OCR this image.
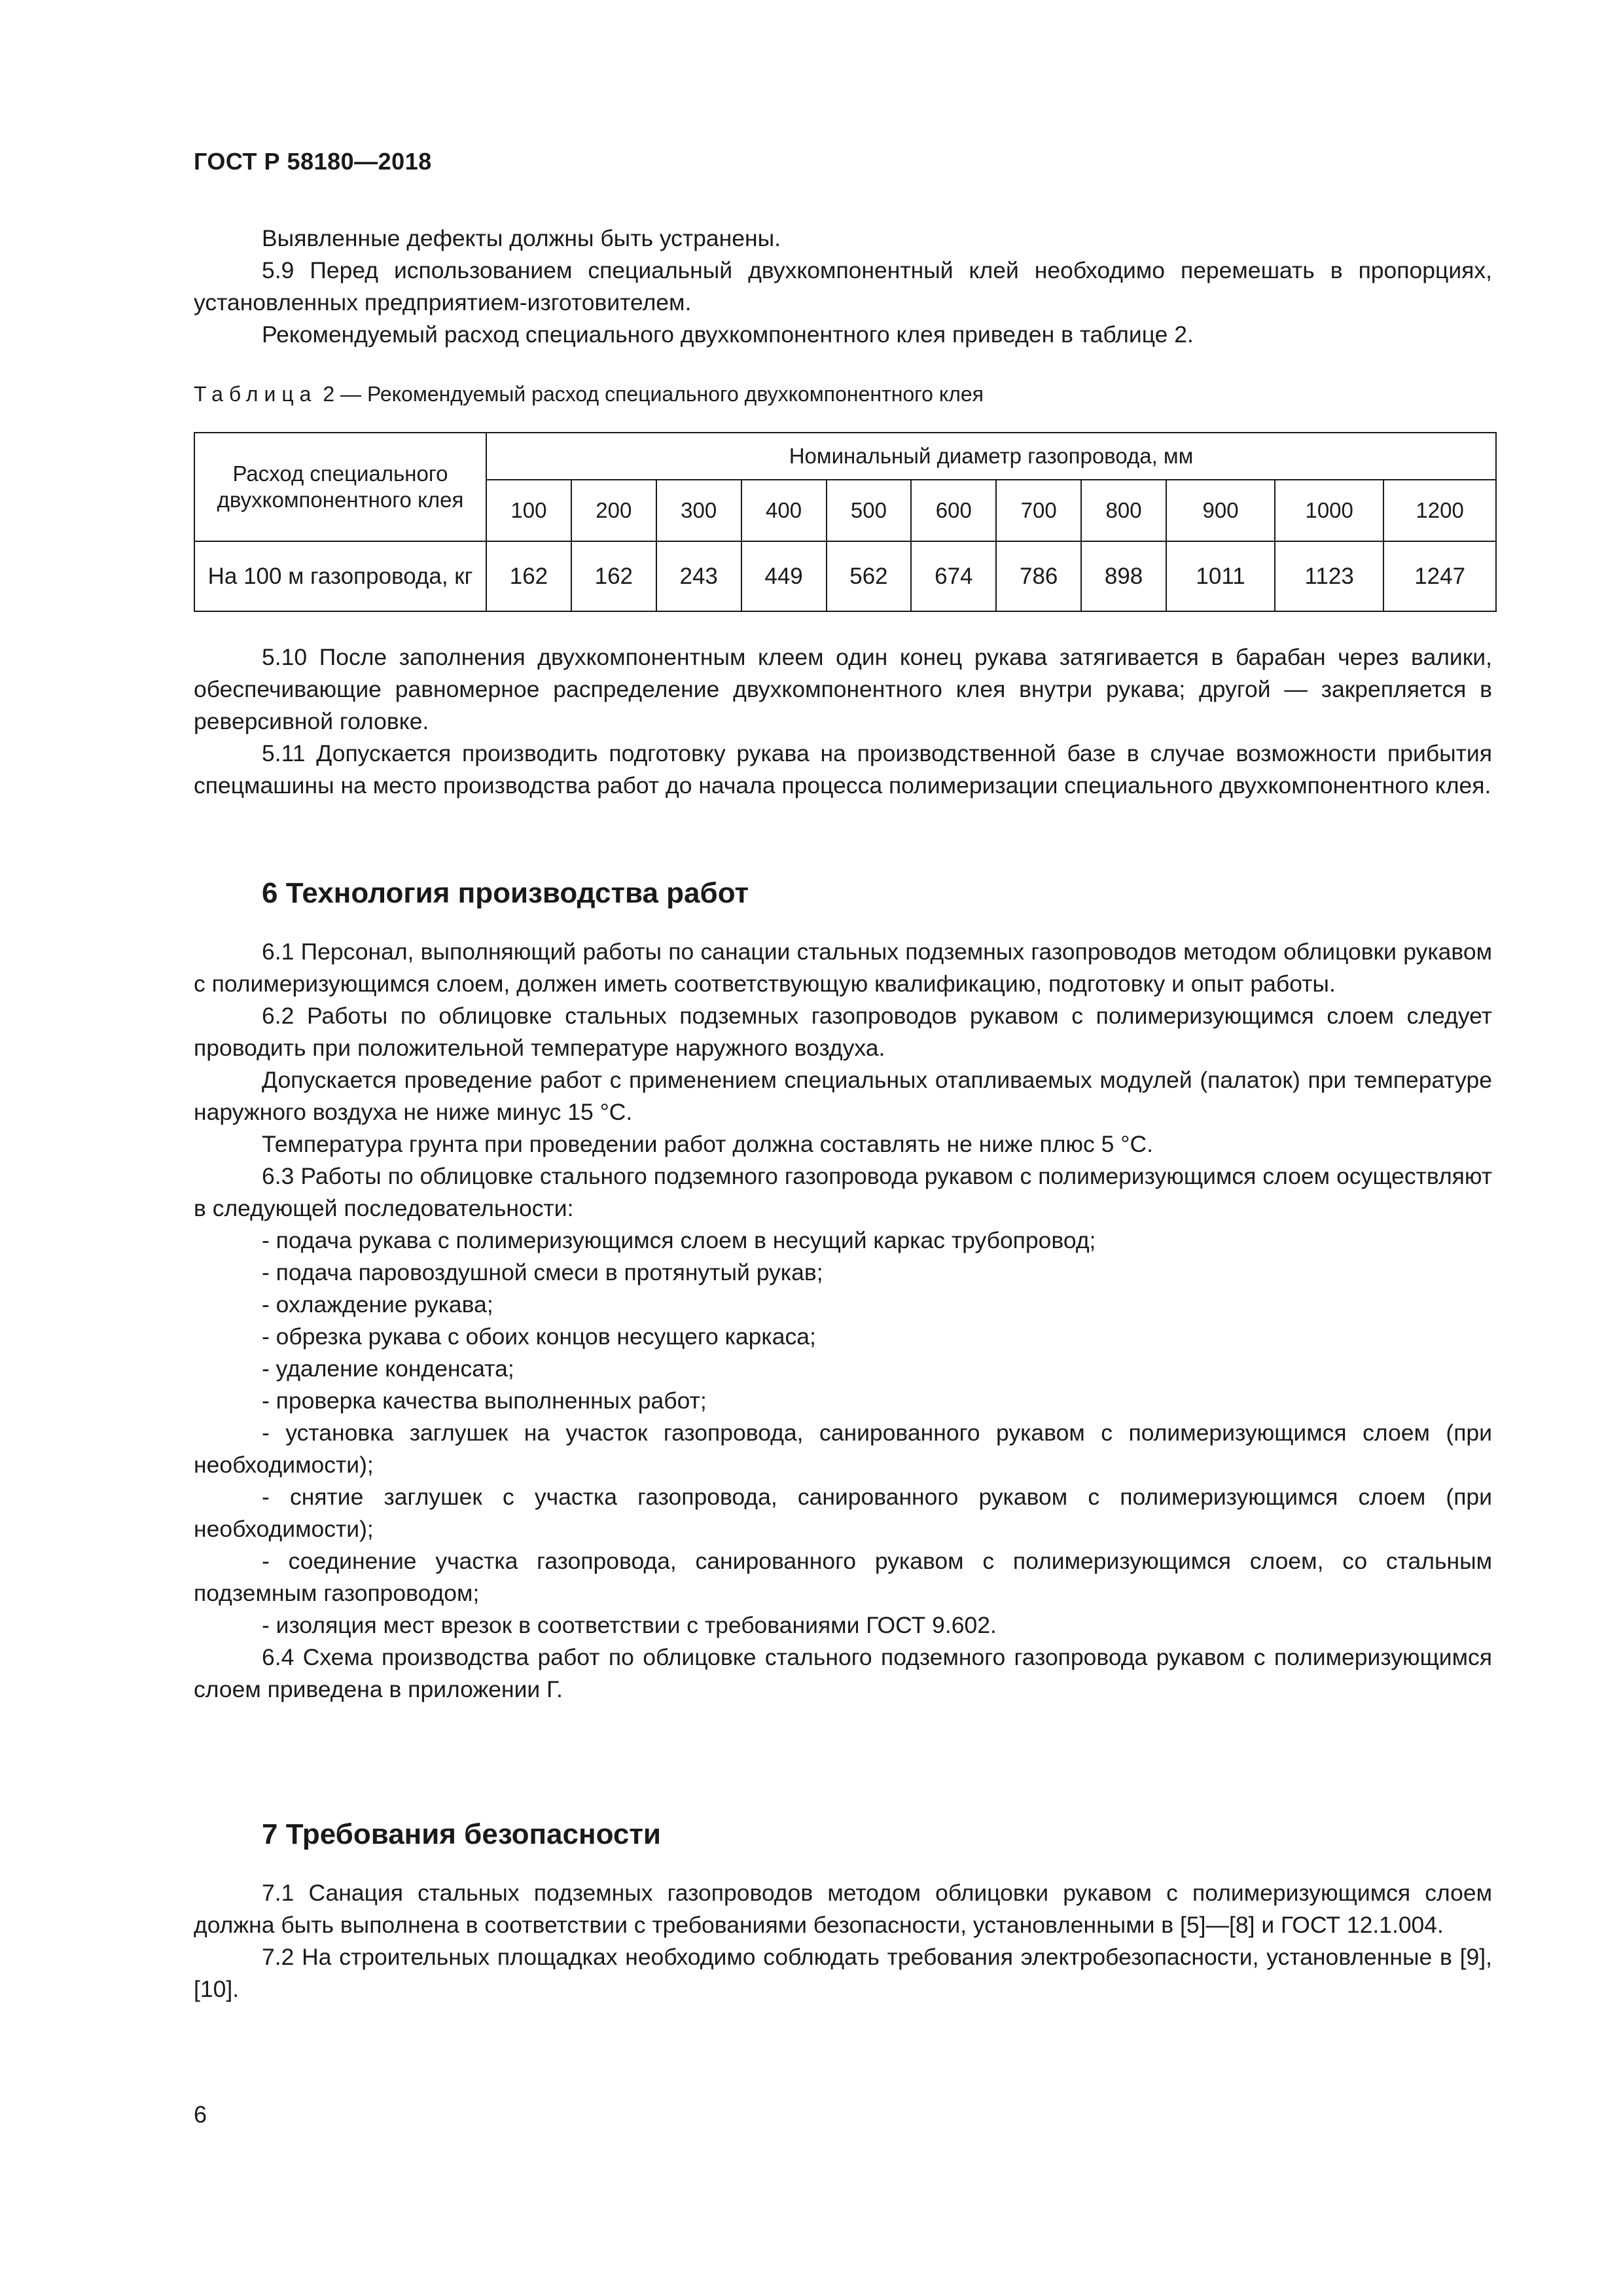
ГОСТ Р 58180—2018

Выявленные дефекты должны быть устранены.

5.9 Перед использованием специальный двухкомпонентный клей необходимо перемешать в пропорциях, установленных предприятием-изготовителем.

Рекомендуемый расход специального двухкомпонентного клея приведен в таблице 2.

Таблица 2 — Рекомендуемый расход специального двухкомпонентного клея
Расход специального двухкомпонентного клея	Номинальный диаметр газопровода, мм										
	100	200	300	400	500	600	700	800	900	1000	1200
На 100 м газопровода, кг	162	162	243	449	562	674	786	898	1011	1123	1247

5.10 После заполнения двухкомпонентным клеем один конец рукава затягивается в барабан через валики, обеспечивающие равномерное распределение двухкомпонентного клея внутри рукава; другой — закрепляется в реверсивной головке.

5.11 Допускается производить подготовку рукава на производственной базе в случае возможности прибытия спецмашины на место производства работ до начала процесса полимеризации специального двухкомпонентного клея.

6 Технология производства работ

6.1 Персонал, выполняющий работы по санации стальных подземных газопроводов методом облицовки рукавом с полимеризующимся слоем, должен иметь соответствующую квалификацию, подготовку и опыт работы.

6.2 Работы по облицовке стальных подземных газопроводов рукавом с полимеризующимся слоем следует проводить при положительной температуре наружного воздуха.

Допускается проведение работ с применением специальных отапливаемых модулей (палаток) при температуре наружного воздуха не ниже минус 15 °С.

Температура грунта при проведении работ должна составлять не ниже плюс 5 °С.

6.3 Работы по облицовке стального подземного газопровода рукавом с полимеризующимся слоем осуществляют в следующей последовательности:

- подача рукава с полимеризующимся слоем в несущий каркас трубопровод;

- подача паровоздушной смеси в протянутый рукав;

- охлаждение рукава;

- обрезка рукава с обоих концов несущего каркаса;

- удаление конденсата;

- проверка качества выполненных работ;

- установка заглушек на участок газопровода, санированного рукавом с полимеризующимся слоем (при необходимости);

- снятие заглушек с участка газопровода, санированного рукавом с полимеризующимся слоем (при необходимости);

- соединение участка газопровода, санированного рукавом с полимеризующимся слоем, со стальным подземным газопроводом;

- изоляция мест врезок в соответствии с требованиями ГОСТ 9.602.

6.4 Схема производства работ по облицовке стального подземного газопровода рукавом с полимеризующимся слоем приведена в приложении Г.

7 Требования безопасности

7.1 Санация стальных подземных газопроводов методом облицовки рукавом с полимеризующимся слоем должна быть выполнена в соответствии с требованиями безопасности, установленными в [5]—[8] и ГОСТ 12.1.004.

7.2 На строительных площадках необходимо соблюдать требования электробезопасности, установленные в [9], [10].

6
